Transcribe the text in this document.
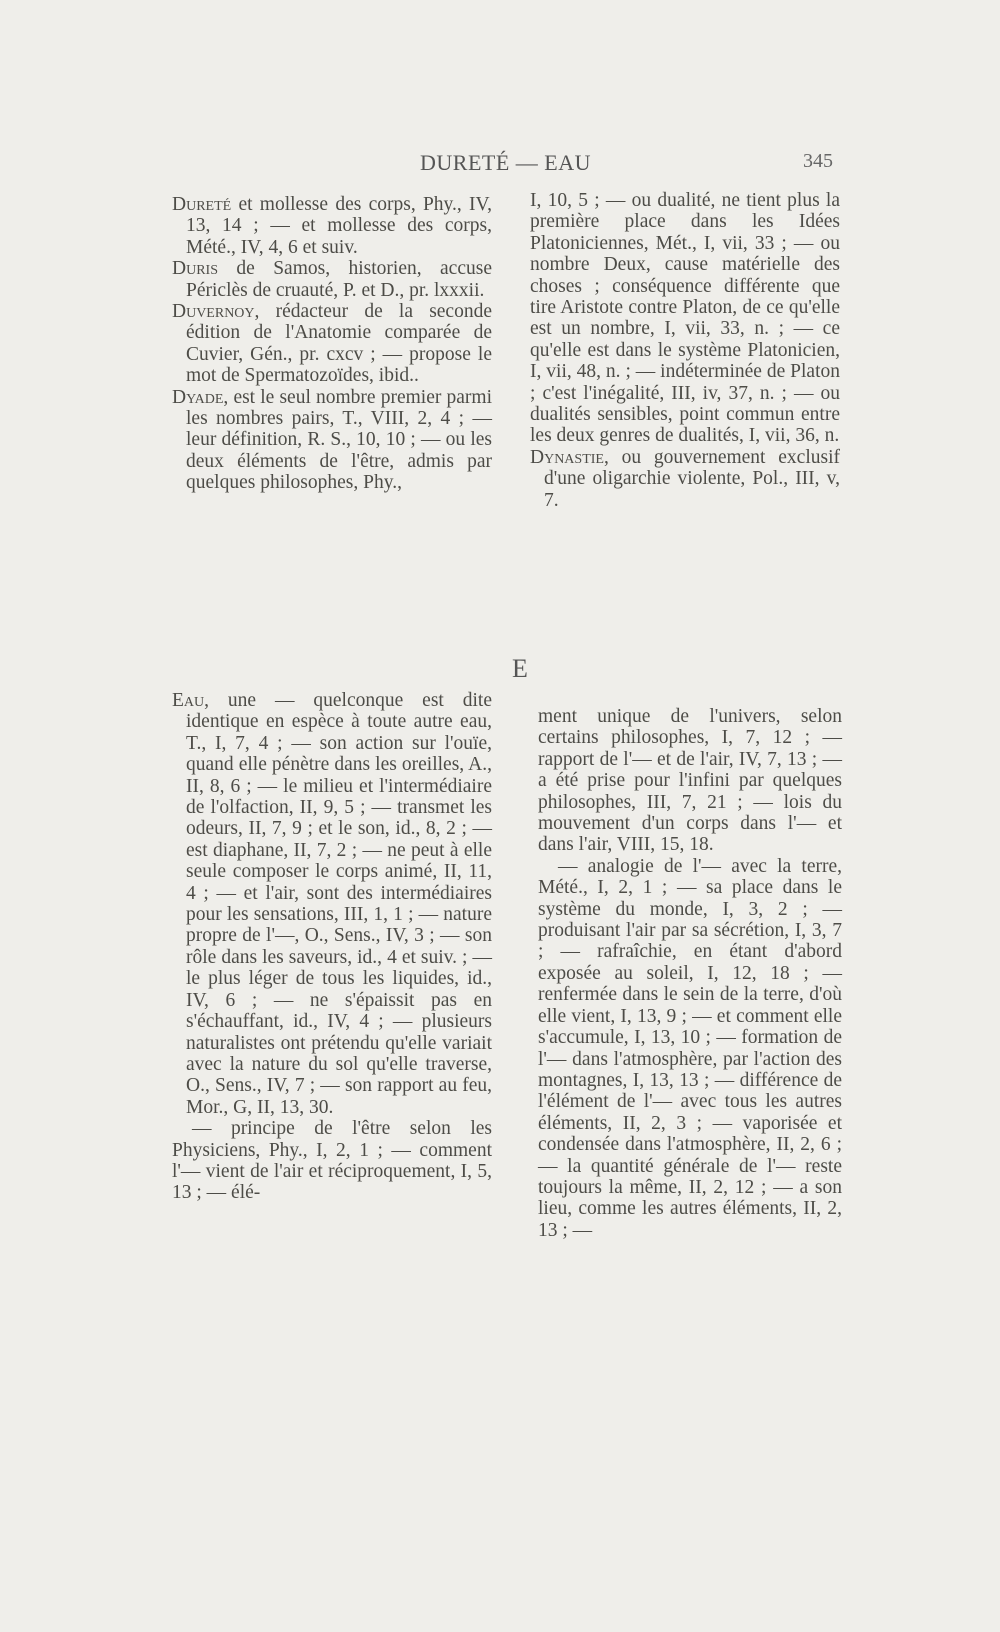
DURETÉ — EAU	345

Dureté et mollesse des corps, Phy., IV, 13, 14 ; — et mollesse des corps, Mété., IV, 4, 6 et suiv.

Duris de Samos, historien, accuse Périclès de cruauté, P. et D., pr. lxxxii.

Duvernoy, rédacteur de la seconde édition de l'Anatomie comparée de Cuvier, Gén., pr. cxcv ; — propose le mot de Spermatozoïdes, ibid..

Dyade, est le seul nombre premier parmi les nombres pairs, T., VIII, 2, 4 ; — leur définition, R. S., 10, 10 ; — ou les deux éléments de l'être, admis par quelques philosophes, Phy.,

I, 10, 5 ; — ou dualité, ne tient plus la première place dans les Idées Platoniciennes, Mét., I, vii, 33 ; — ou nombre Deux, cause matérielle des choses ; conséquence différente que tire Aristote contre Platon, de ce qu'elle est un nombre, I, vii, 33, n. ; — ce qu'elle est dans le système Platonicien, I, vii, 48, n. ; — indéterminée de Platon ; c'est l'inégalité, III, iv, 37, n. ; — ou dualités sensibles, point commun entre les deux genres de dualités, I, vii, 36, n.

Dynastie, ou gouvernement exclusif d'une oligarchie violente, Pol., III, v, 7.

E

Eau, une — quelconque est dite identique en espèce à toute autre eau, T., I, 7, 4 ; — son action sur l'ouïe, quand elle pénètre dans les oreilles, A., II, 8, 6 ; — le milieu et l'intermédiaire de l'olfaction, II, 9, 5 ; — transmet les odeurs, II, 7, 9 ; et le son, id., 8, 2 ; — est diaphane, II, 7, 2 ; — ne peut à elle seule composer le corps animé, II, 11, 4 ; — et l'air, sont des intermédiaires pour les sensations, III, 1, 1 ; — nature propre de l'—, O., Sens., IV, 3 ; — son rôle dans les saveurs, id., 4 et suiv. ; — le plus léger de tous les liquides, id., IV, 6 ; — ne s'épaissit pas en s'échauffant, id., IV, 4 ; — plusieurs naturalistes ont prétendu qu'elle variait avec la nature du sol qu'elle traverse, O., Sens., IV, 7 ; — son rapport au feu, Mor., G, II, 13, 30.

— principe de l'être selon les Physiciens, Phy., I, 2, 1 ; — comment l'— vient de l'air et réciproquement, I, 5, 13 ; — élé-

ment unique de l'univers, selon certains philosophes, I, 7, 12 ; — rapport de l'— et de l'air, IV, 7, 13 ; — a été prise pour l'infini par quelques philosophes, III, 7, 21 ; — lois du mouvement d'un corps dans l'— et dans l'air, VIII, 15, 18.

— analogie de l'— avec la terre, Mété., I, 2, 1 ; — sa place dans le système du monde, I, 3, 2 ; — produisant l'air par sa sécrétion, I, 3, 7 ; — rafraîchie, en étant d'abord exposée au soleil, I, 12, 18 ; — renfermée dans le sein de la terre, d'où elle vient, I, 13, 9 ; — et comment elle s'accumule, I, 13, 10 ; — formation de l'— dans l'atmosphère, par l'action des montagnes, I, 13, 13 ; — différence de l'élément de l'— avec tous les autres éléments, II, 2, 3 ; — vaporisée et condensée dans l'atmosphère, II, 2, 6 ; — la quantité générale de l'— reste toujours la même, II, 2, 12 ; — a son lieu, comme les autres éléments, II, 2, 13 ; —
